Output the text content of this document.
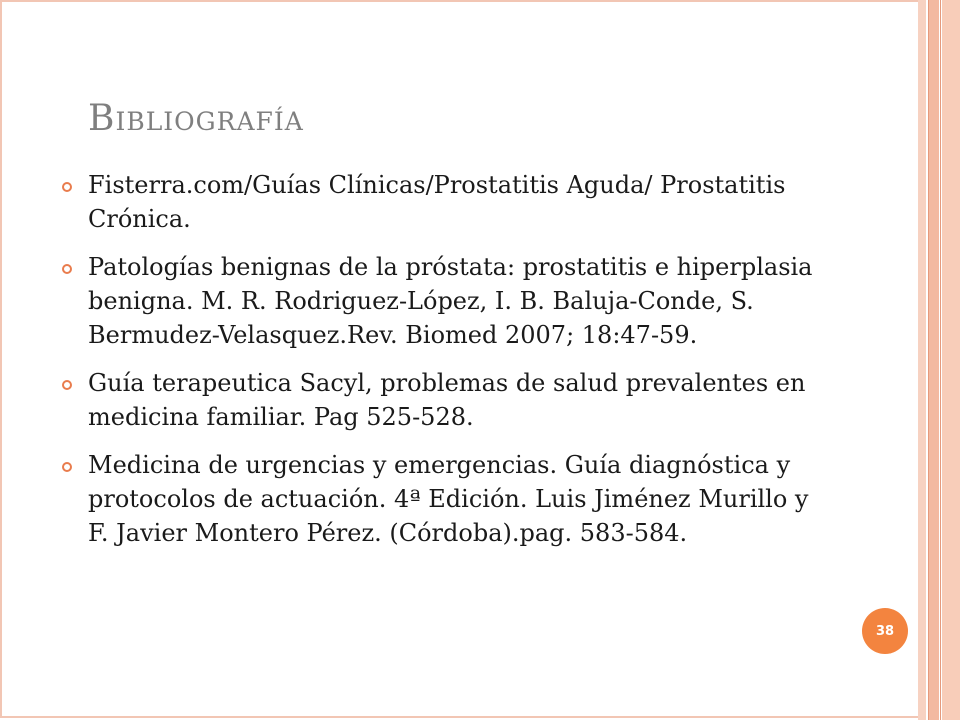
Bibliografía
Fisterra.com/Guías Clínicas/Prostatitis Aguda/ Prostatitis Crónica.
Patologías benignas de la próstata: prostatitis e hiperplasia benigna. M. R. Rodriguez-López, I. B. Baluja-Conde, S. Bermudez-Velasquez.Rev. Biomed 2007; 18:47-59.
Guía terapeutica Sacyl, problemas de salud prevalentes en medicina familiar. Pag 525-528.
Medicina de urgencias y emergencias. Guía diagnóstica y protocolos de actuación. 4ª Edición. Luis Jiménez Murillo y F. Javier Montero Pérez. (Córdoba).pag. 583-584.
38
